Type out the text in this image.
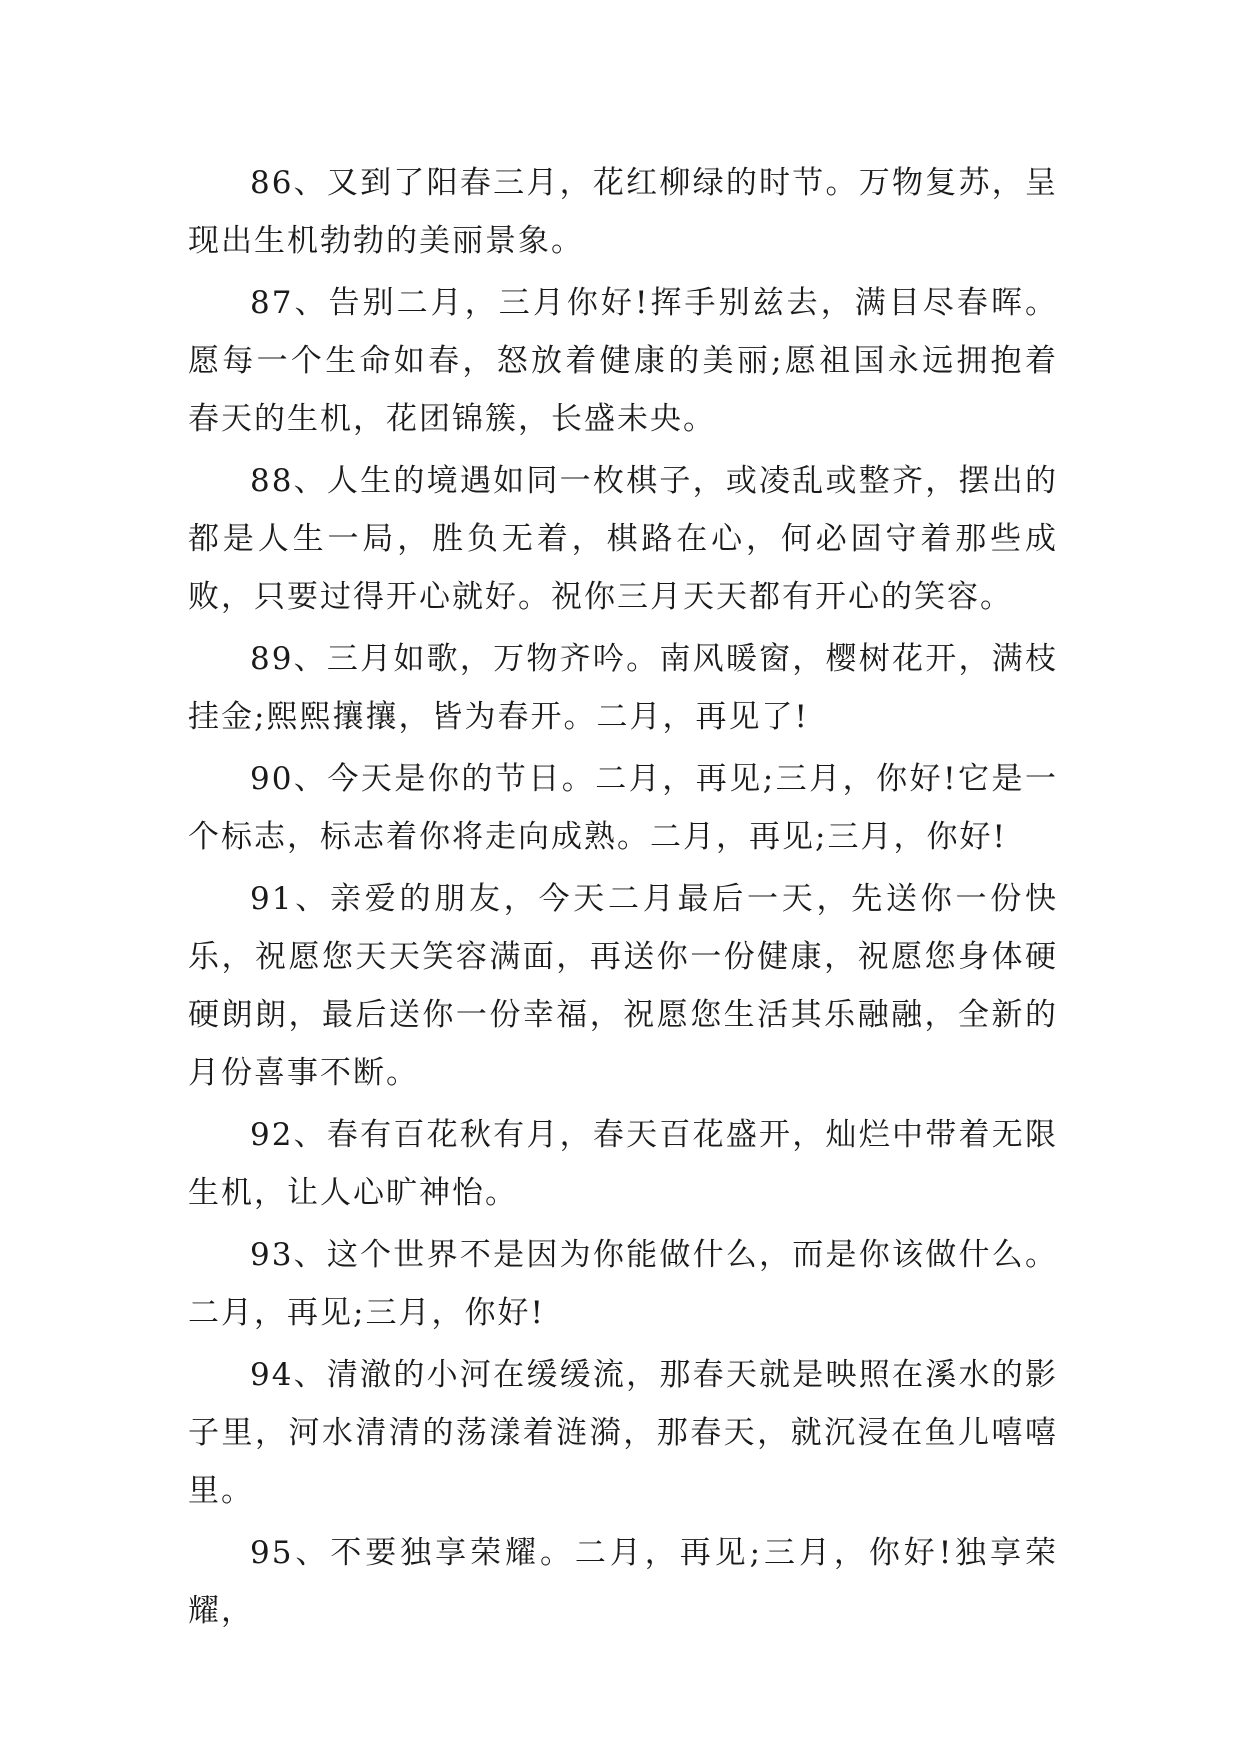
86、又到了阳春三月，花红柳绿的时节。万物复苏，呈现出生机勃勃的美丽景象。

87、告别二月，三月你好!挥手别兹去，满目尽春晖。愿每一个生命如春，怒放着健康的美丽;愿祖国永远拥抱着春天的生机，花团锦簇，长盛未央。

88、人生的境遇如同一枚棋子，或凌乱或整齐，摆出的都是人生一局，胜负无着，棋路在心，何必固守着那些成败，只要过得开心就好。祝你三月天天都有开心的笑容。

89、三月如歌，万物齐吟。南风暖窗，樱树花开，满枝挂金;熙熙攘攘，皆为春开。二月，再见了!

90、今天是你的节日。二月，再见;三月，你好!它是一个标志，标志着你将走向成熟。二月，再见;三月，你好!

91、亲爱的朋友，今天二月最后一天，先送你一份快乐，祝愿您天天笑容满面，再送你一份健康，祝愿您身体硬硬朗朗，最后送你一份幸福，祝愿您生活其乐融融，全新的月份喜事不断。

92、春有百花秋有月，春天百花盛开，灿烂中带着无限生机，让人心旷神怡。

93、这个世界不是因为你能做什么，而是你该做什么。二月，再见;三月，你好!

94、清澈的小河在缓缓流，那春天就是映照在溪水的影子里，河水清清的荡漾着涟漪，那春天，就沉浸在鱼儿嘻嘻里。

95、不要独享荣耀。二月，再见;三月，你好!独享荣耀，
